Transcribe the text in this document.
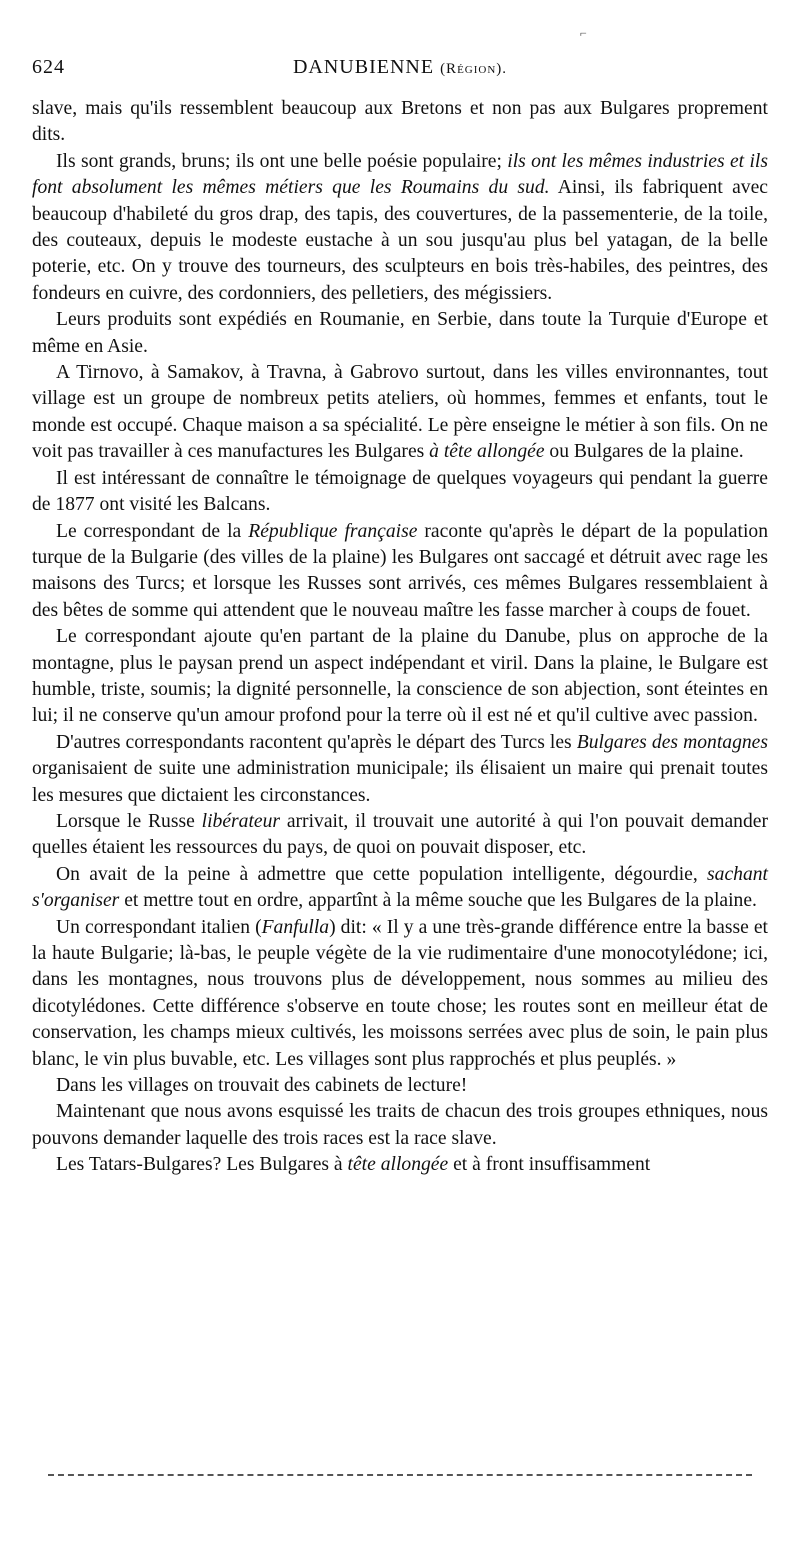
⌐
624	DANUBIENNE (Région).

slave, mais qu'ils ressemblent beaucoup aux Bretons et non pas aux Bulgares proprement dits.

Ils sont grands, bruns; ils ont une belle poésie populaire; ils ont les mêmes industries et ils font absolument les mêmes métiers que les Roumains du sud. Ainsi, ils fabriquent avec beaucoup d'habileté du gros drap, des tapis, des couvertures, de la passementerie, de la toile, des couteaux, depuis le modeste eustache à un sou jusqu'au plus bel yatagan, de la belle poterie, etc. On y trouve des tourneurs, des sculpteurs en bois très-habiles, des peintres, des fondeurs en cuivre, des cordonniers, des pelletiers, des mégissiers.

Leurs produits sont expédiés en Roumanie, en Serbie, dans toute la Turquie d'Europe et même en Asie.

A Tirnovo, à Samakov, à Travna, à Gabrovo surtout, dans les villes environnantes, tout village est un groupe de nombreux petits ateliers, où hommes, femmes et enfants, tout le monde est occupé. Chaque maison a sa spécialité. Le père enseigne le métier à son fils. On ne voit pas travailler à ces manufactures les Bulgares à tête allongée ou Bulgares de la plaine.

Il est intéressant de connaître le témoignage de quelques voyageurs qui pendant la guerre de 1877 ont visité les Balcans.

Le correspondant de la République française raconte qu'après le départ de la population turque de la Bulgarie (des villes de la plaine) les Bulgares ont saccagé et détruit avec rage les maisons des Turcs; et lorsque les Russes sont arrivés, ces mêmes Bulgares ressemblaient à des bêtes de somme qui attendent que le nouveau maître les fasse marcher à coups de fouet.

Le correspondant ajoute qu'en partant de la plaine du Danube, plus on approche de la montagne, plus le paysan prend un aspect indépendant et viril. Dans la plaine, le Bulgare est humble, triste, soumis; la dignité personnelle, la conscience de son abjection, sont éteintes en lui; il ne conserve qu'un amour profond pour la terre où il est né et qu'il cultive avec passion.

D'autres correspondants racontent qu'après le départ des Turcs les Bulgares des montagnes organisaient de suite une administration municipale; ils élisaient un maire qui prenait toutes les mesures que dictaient les circonstances.

Lorsque le Russe libérateur arrivait, il trouvait une autorité à qui l'on pouvait demander quelles étaient les ressources du pays, de quoi on pouvait disposer, etc.

On avait de la peine à admettre que cette population intelligente, dégourdie, sachant s'organiser et mettre tout en ordre, appartînt à la même souche que les Bulgares de la plaine.

Un correspondant italien (Fanfulla) dit: « Il y a une très-grande différence entre la basse et la haute Bulgarie; là-bas, le peuple végète de la vie rudimentaire d'une monocotylédone; ici, dans les montagnes, nous trouvons plus de développement, nous sommes au milieu des dicotylédones. Cette différence s'observe en toute chose; les routes sont en meilleur état de conservation, les champs mieux cultivés, les moissons serrées avec plus de soin, le pain plus blanc, le vin plus buvable, etc. Les villages sont plus rapprochés et plus peuplés. »

Dans les villages on trouvait des cabinets de lecture!

Maintenant que nous avons esquissé les traits de chacun des trois groupes ethniques, nous pouvons demander laquelle des trois races est la race slave.

Les Tatars-Bulgares? Les Bulgares à tête allongée et à front insuffisamment
